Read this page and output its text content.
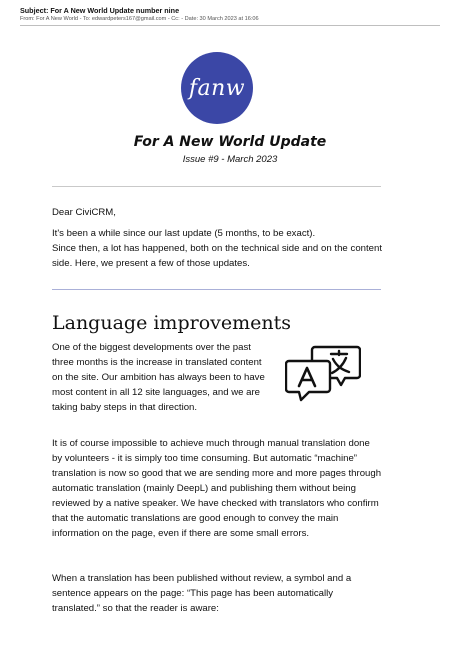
Subject: For A New World Update number nine
From: For A New World - To: edwardpeters167@gmail.com - Cc: - Date: 30 March 2023 at 16:06
fanw
For A New World Update
Issue #9 - March 2023

Dear CiviCRM,

It's been a while since our last update (5 months, to be exact).

Since then, a lot has happened, both on the technical side and on the content side. Here, we present a few of those updates.

Language improvements

One of the biggest developments over the past three months is the increase in translated content on the site. Our ambition has always been to have most content in all 12 site languages, and we are taking baby steps in that direction.

It is of course impossible to achieve much through manual translation done by volunteers - it is simply too time consuming. But automatic “machine” translation is now so good that we are sending more and more pages through automatic translation (mainly DeepL) and publishing them without being reviewed by a native speaker. We have checked with translators who confirm that the automatic translations are good enough to convey the main information on the page, even if there are some small errors.

When a translation has been published without review, a symbol and a sentence appears on the page: “This page has been automatically translated.” so that the reader is aware:
